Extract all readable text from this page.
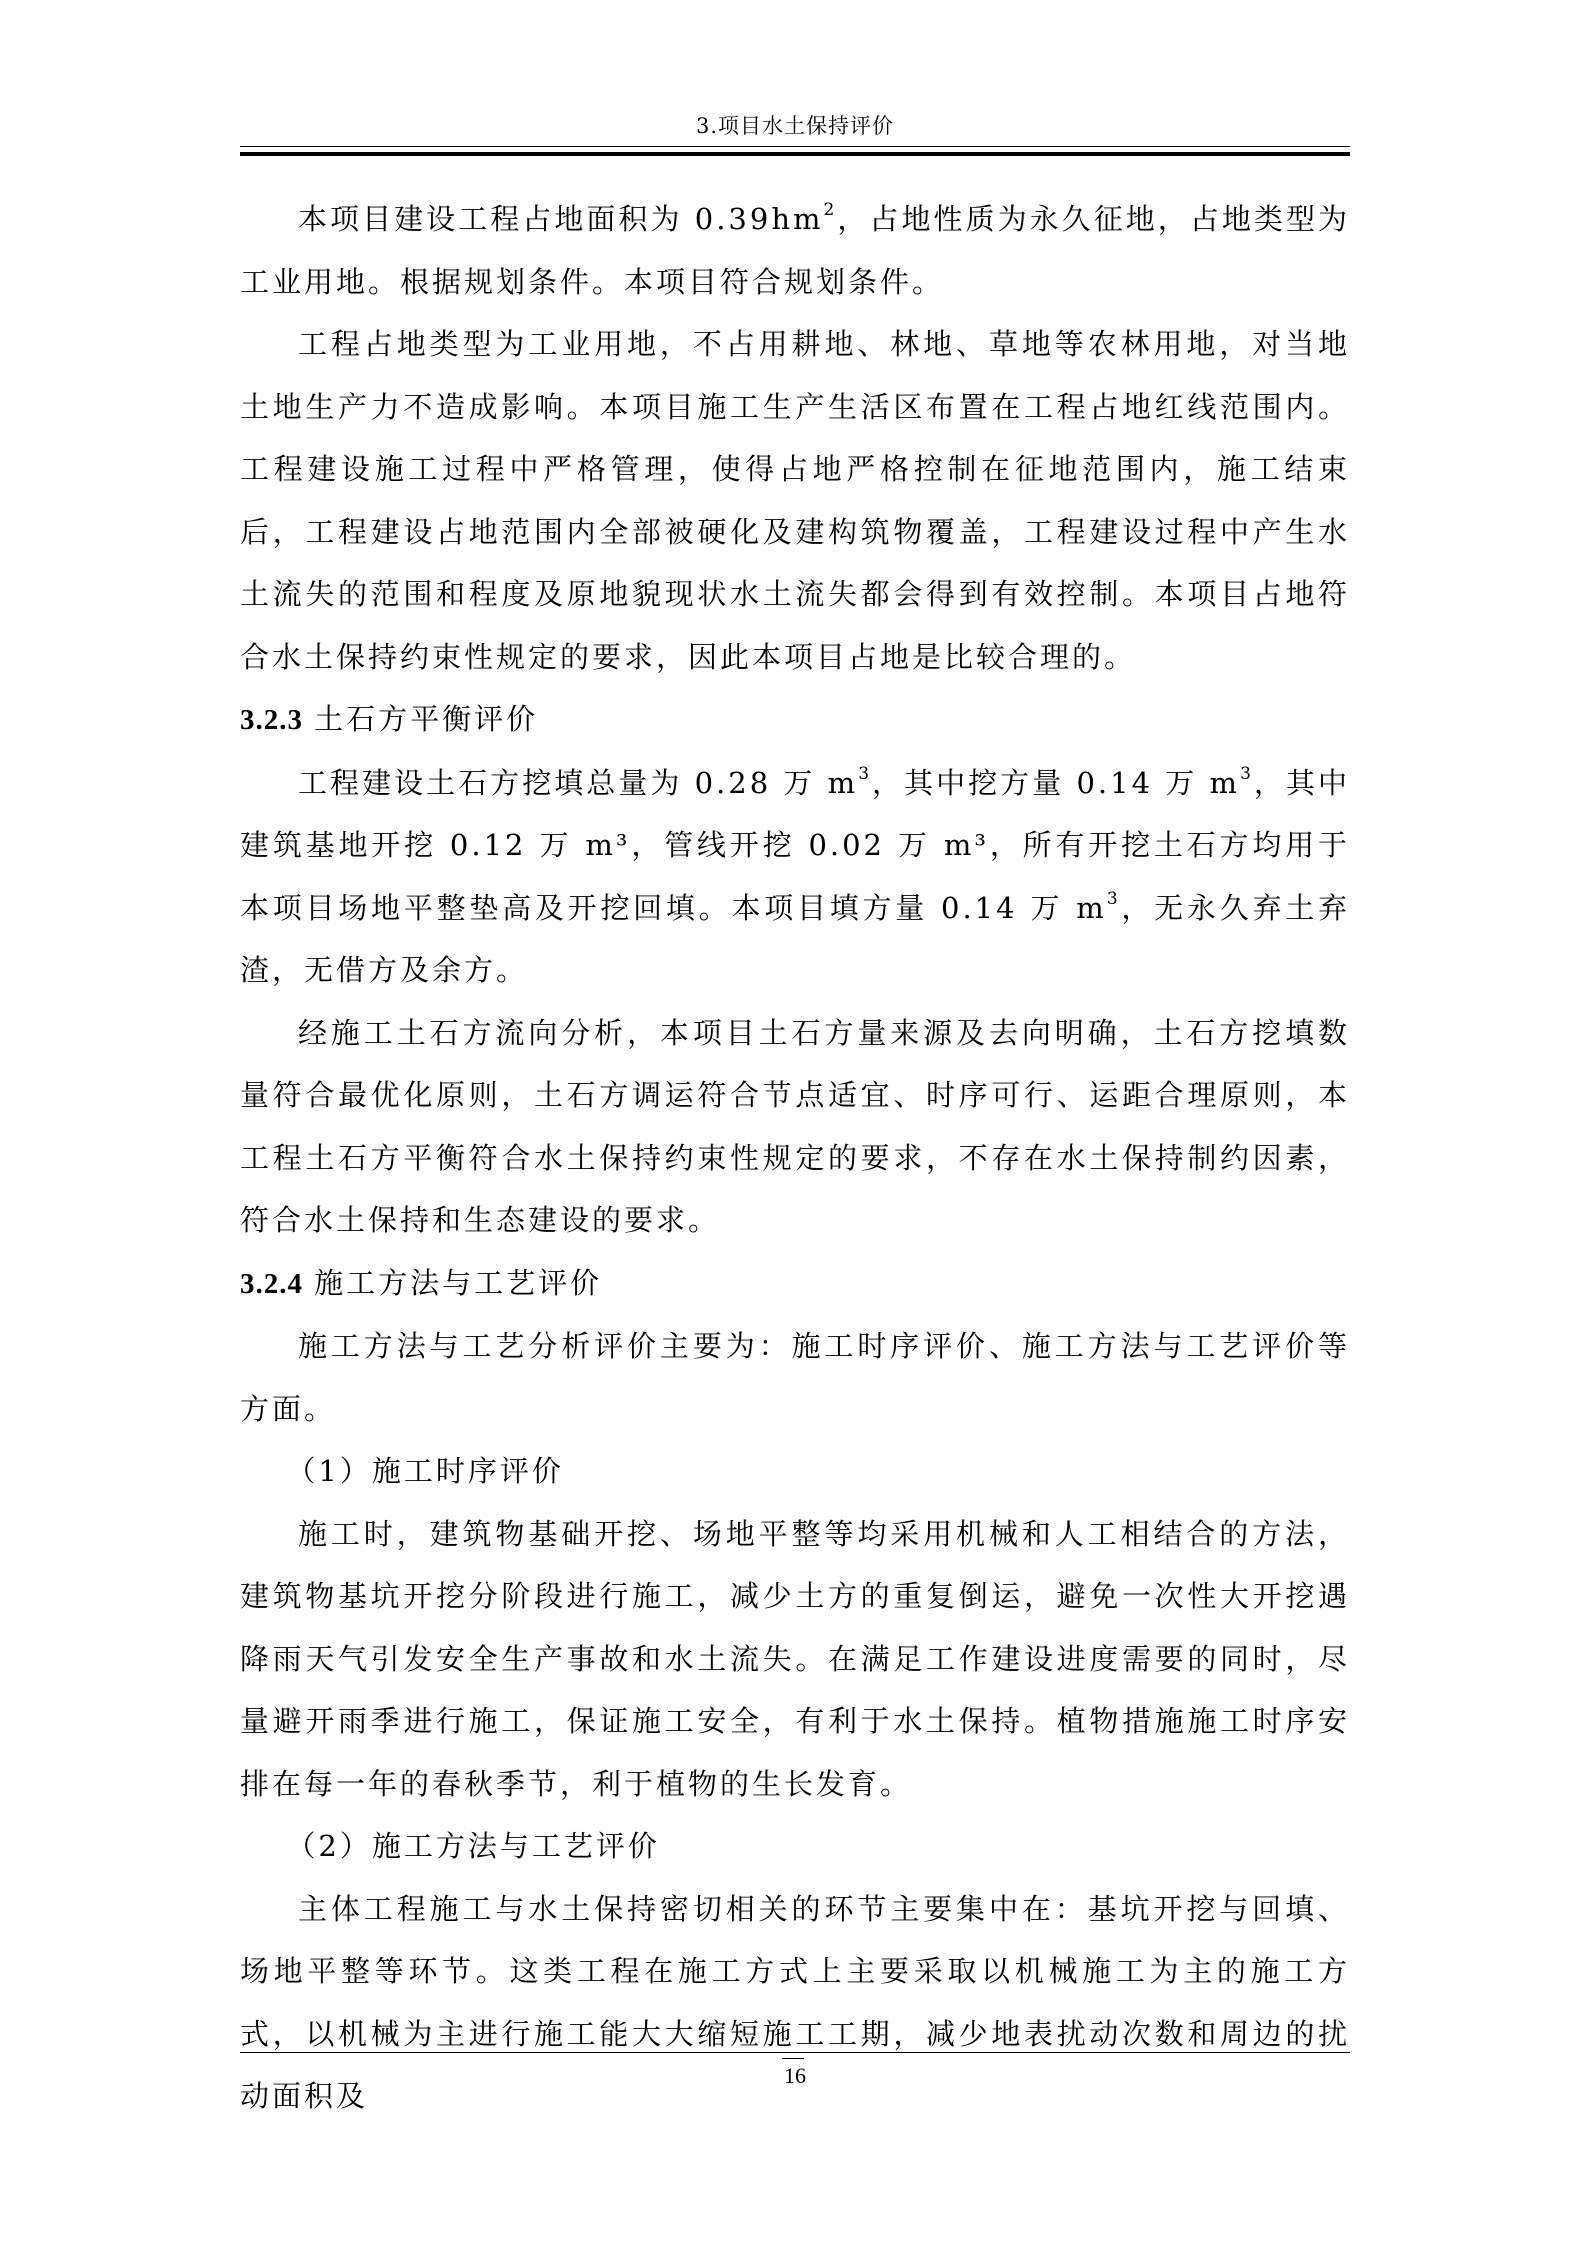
3.项目水土保持评价

本项目建设工程占地面积为 $0.39hm^2$，占地性质为永久征地，占地类型为工业用地。根据规划条件。本项目符合规划条件。

工程占地类型为工业用地，不占用耕地、林地、草地等农林用地，对当地土地生产力不造成影响。本项目施工生产生活区布置在工程占地红线范围内。工程建设施工过程中严格管理，使得占地严格控制在征地范围内，施工结束后，工程建设占地范围内全部被硬化及建构筑物覆盖，工程建设过程中产生水土流失的范围和程度及原地貌现状水土流失都会得到有效控制。本项目占地符合水土保持约束性规定的要求，因此本项目占地是比较合理的。

3.2.3 土石方平衡评价

工程建设土石方挖填总量为 0.28 万 $m^3$，其中挖方量 0.14 万 $m^3$，其中建筑基地开挖 0.12 万 m³，管线开挖 0.02 万 m³，所有开挖土石方均用于本项目场地平整垫高及开挖回填。本项目填方量 0.14 万 $m^3$，无永久弃土弃渣，无借方及余方。

经施工土石方流向分析，本项目土石方量来源及去向明确，土石方挖填数量符合最优化原则，土石方调运符合节点适宜、时序可行、运距合理原则，本工程土石方平衡符合水土保持约束性规定的要求，不存在水土保持制约因素，符合水土保持和生态建设的要求。

3.2.4 施工方法与工艺评价

施工方法与工艺分析评价主要为：施工时序评价、施工方法与工艺评价等方面。

（1）施工时序评价

施工时，建筑物基础开挖、场地平整等均采用机械和人工相结合的方法，建筑物基坑开挖分阶段进行施工，减少土方的重复倒运，避免一次性大开挖遇降雨天气引发安全生产事故和水土流失。在满足工作建设进度需要的同时，尽量避开雨季进行施工，保证施工安全，有利于水土保持。植物措施施工时序安排在每一年的春秋季节，利于植物的生长发育。

（2）施工方法与工艺评价

主体工程施工与水土保持密切相关的环节主要集中在：基坑开挖与回填、场地平整等环节。这类工程在施工方式上主要采取以机械施工为主的施工方式，以机械为主进行施工能大大缩短施工工期，减少地表扰动次数和周边的扰动面积及

16
